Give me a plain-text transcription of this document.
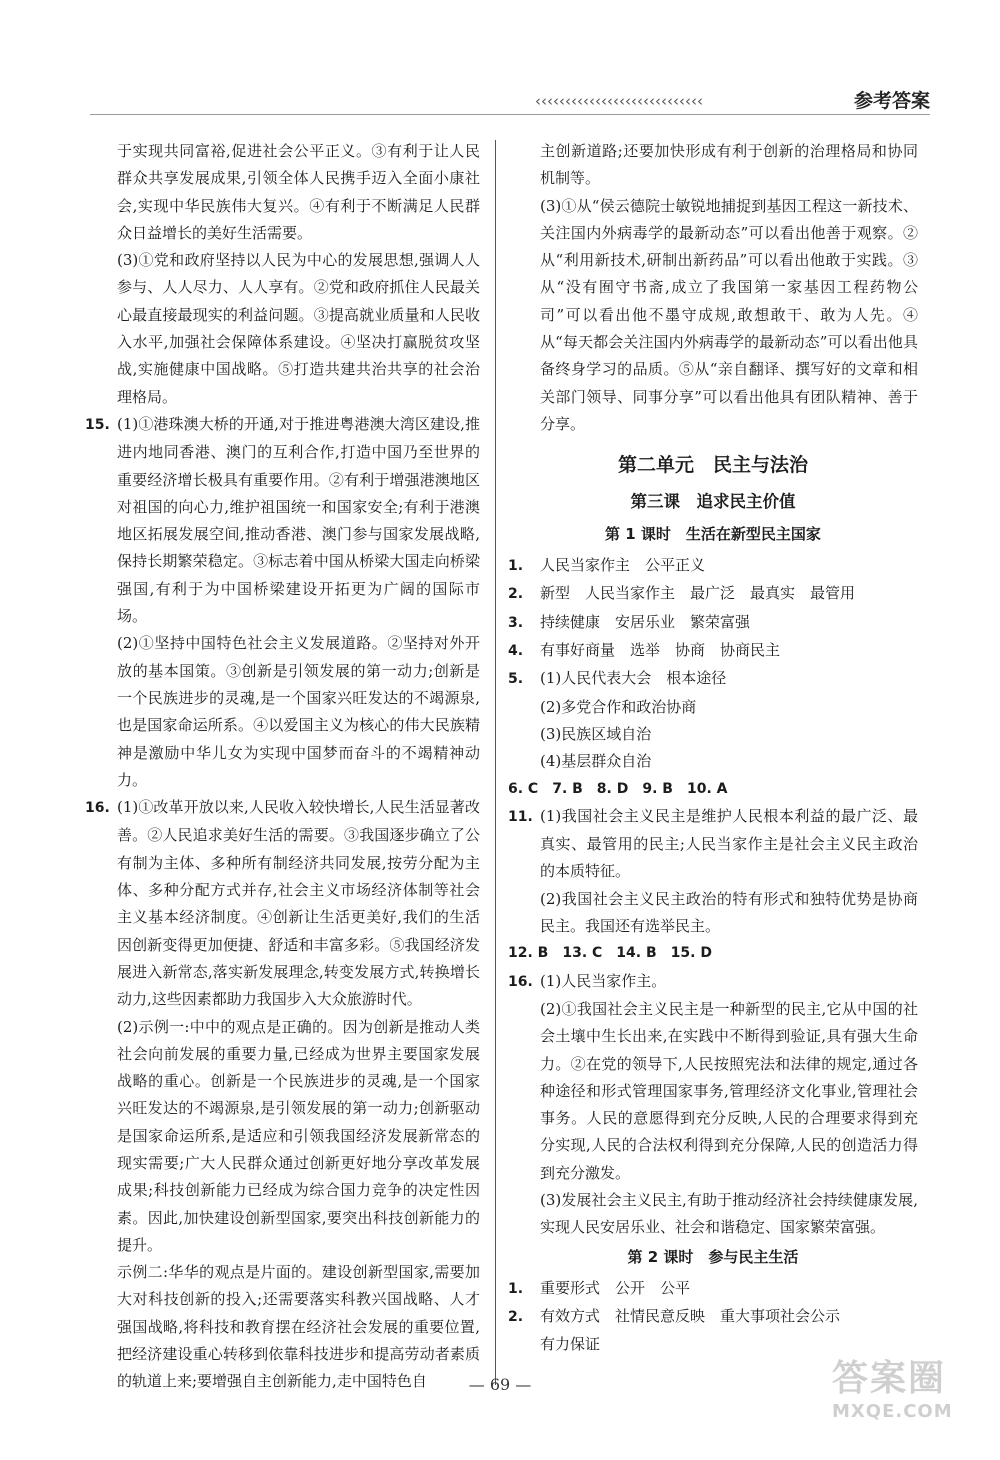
‹‹‹‹‹‹‹‹‹‹‹‹‹‹‹‹‹‹‹‹‹‹‹‹‹‹‹‹	参考答案

于实现共同富裕,促进社会公平正义。③有利于让人民群众共享发展成果,引领全体人民携手迈入全面小康社会,实现中华民族伟大复兴。④有利于不断满足人民群众日益增长的美好生活需要。

(3)①党和政府坚持以人民为中心的发展思想,强调人人参与、人人尽力、人人享有。②党和政府抓住人民最关心最直接最现实的利益问题。③提高就业质量和人民收入水平,加强社会保障体系建设。④坚决打赢脱贫攻坚战,实施健康中国战略。⑤打造共建共治共享的社会治理格局。

15. (1)①港珠澳大桥的开通,对于推进粤港澳大湾区建设,推进内地同香港、澳门的互利合作,打造中国乃至世界的重要经济增长极具有重要作用。②有利于增强港澳地区对祖国的向心力,维护祖国统一和国家安全;有利于港澳地区拓展发展空间,推动香港、澳门参与国家发展战略,保持长期繁荣稳定。③标志着中国从桥梁大国走向桥梁强国,有利于为中国桥梁建设开拓更为广阔的国际市场。

(2)①坚持中国特色社会主义发展道路。②坚持对外开放的基本国策。③创新是引领发展的第一动力;创新是一个民族进步的灵魂,是一个国家兴旺发达的不竭源泉,也是国家命运所系。④以爱国主义为核心的伟大民族精神是激励中华儿女为实现中国梦而奋斗的不竭精神动力。

16. (1)①改革开放以来,人民收入较快增长,人民生活显著改善。②人民追求美好生活的需要。③我国逐步确立了公有制为主体、多种所有制经济共同发展,按劳分配为主体、多种分配方式并存,社会主义市场经济体制等社会主义基本经济制度。④创新让生活更美好,我们的生活因创新变得更加便捷、舒适和丰富多彩。⑤我国经济发展进入新常态,落实新发展理念,转变发展方式,转换增长动力,这些因素都助力我国步入大众旅游时代。

(2)示例一:中中的观点是正确的。因为创新是推动人类社会向前发展的重要力量,已经成为世界主要国家发展战略的重心。创新是一个民族进步的灵魂,是一个国家兴旺发达的不竭源泉,是引领发展的第一动力;创新驱动是国家命运所系,是适应和引领我国经济发展新常态的现实需要;广大人民群众通过创新更好地分享改革发展成果;科技创新能力已经成为综合国力竞争的决定性因素。因此,加快建设创新型国家,要突出科技创新能力的提升。

示例二:华华的观点是片面的。建设创新型国家,需要加大对科技创新的投入;还需要落实科教兴国战略、人才强国战略,将科技和教育摆在经济社会发展的重要位置,把经济建设重心转移到依靠科技进步和提高劳动者素质的轨道上来;要增强自主创新能力,走中国特色自

主创新道路;还要加快形成有利于创新的治理格局和协同机制等。

(3)①从“侯云德院士敏锐地捕捉到基因工程这一新技术、关注国内外病毒学的最新动态”可以看出他善于观察。②从“利用新技术,研制出新药品”可以看出他敢于实践。③从“没有囿守书斋,成立了我国第一家基因工程药物公司”可以看出他不墨守成规,敢想敢干、敢为人先。④从“每天都会关注国内外病毒学的最新动态”可以看出他具备终身学习的品质。⑤从“亲自翻译、撰写好的文章和相关部门领导、同事分享”可以看出他具有团队精神、善于分享。

第二单元　民主与法治

第三课　追求民主价值

第 1 课时　生活在新型民主国家

1. 人民当家作主　公平正义

2. 新型　人民当家作主　最广泛　最真实　最管用

3. 持续健康　安居乐业　繁荣富强

4. 有事好商量　选举　协商　协商民主

5. (1)人民代表大会　根本途径

(2)多党合作和政治协商

(3)民族区域自治

(4)基层群众自治

6. C　7. B　8. D　9. B　10. A

11. (1)我国社会主义民主是维护人民根本利益的最广泛、最真实、最管用的民主;人民当家作主是社会主义民主政治的本质特征。

(2)我国社会主义民主政治的特有形式和独特优势是协商民主。我国还有选举民主。

12. B　13. C　14. B　15. D

16. (1)人民当家作主。

(2)①我国社会主义民主是一种新型的民主,它从中国的社会土壤中生长出来,在实践中不断得到验证,具有强大生命力。②在党的领导下,人民按照宪法和法律的规定,通过各种途径和形式管理国家事务,管理经济文化事业,管理社会事务。人民的意愿得到充分反映,人民的合理要求得到充分实现,人民的合法权利得到充分保障,人民的创造活力得到充分激发。

(3)发展社会主义民主,有助于推动经济社会持续健康发展,实现人民安居乐业、社会和谐稳定、国家繁荣富强。

第 2 课时　参与民主生活

1. 重要形式　公开　公平

2. 有效方式　社情民意反映　重大事项社会公示

有力保证

— 69 —	答案圈
MXQE.COM
